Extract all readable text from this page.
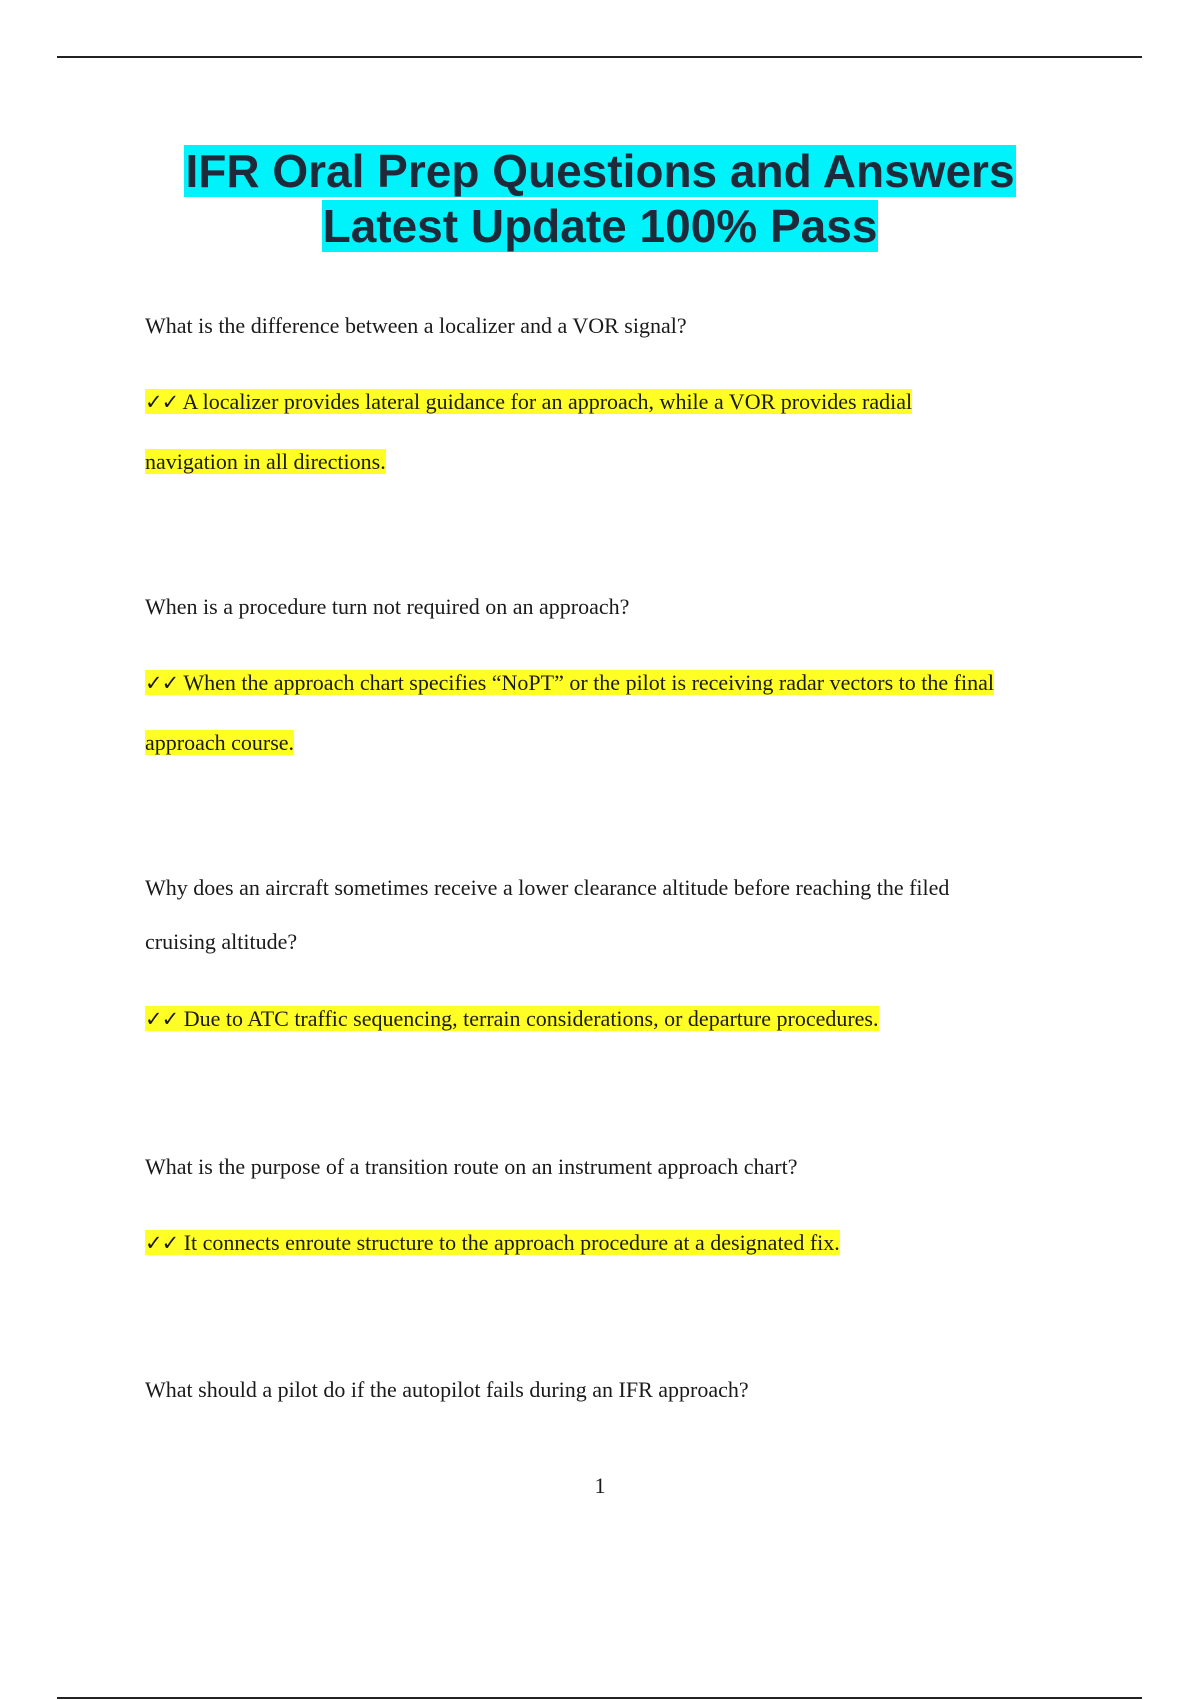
IFR Oral Prep Questions and Answers
Latest Update 100% Pass

What is the difference between a localizer and a VOR signal?

✓✓ A localizer provides lateral guidance for an approach, while a VOR provides radial

navigation in all directions.

When is a procedure turn not required on an approach?

✓✓ When the approach chart specifies “NoPT” or the pilot is receiving radar vectors to the final

approach course.

Why does an aircraft sometimes receive a lower clearance altitude before reaching the filed

cruising altitude?

✓✓ Due to ATC traffic sequencing, terrain considerations, or departure procedures.

What is the purpose of a transition route on an instrument approach chart?

✓✓ It connects enroute structure to the approach procedure at a designated fix.

What should a pilot do if the autopilot fails during an IFR approach?

1
